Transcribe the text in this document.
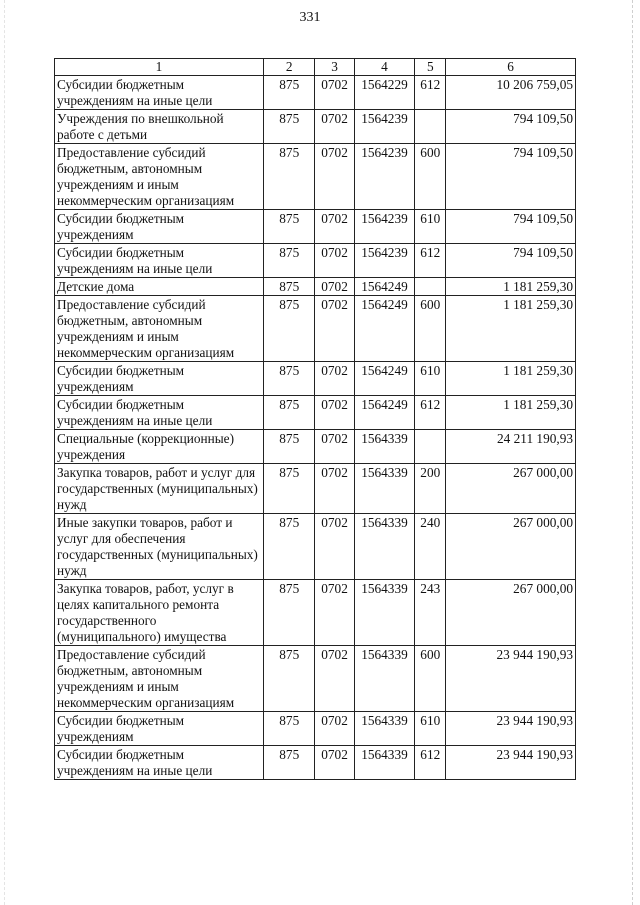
331
1	2	3	4	5	6
Субсидии бюджетным учреждениям на иные цели	875	0702	1564229	612	10 206 759,05
Учреждения по внешкольной работе с детьми	875	0702	1564239		794 109,50
Предоставление субсидий бюджетным, автономным учреждениям и иным некоммерческим организациям	875	0702	1564239	600	794 109,50
Субсидии бюджетным учреждениям	875	0702	1564239	610	794 109,50
Субсидии бюджетным учреждениям на иные цели	875	0702	1564239	612	794 109,50
Детские дома	875	0702	1564249		1 181 259,30
Предоставление субсидий бюджетным, автономным учреждениям и иным некоммерческим организациям	875	0702	1564249	600	1 181 259,30
Субсидии бюджетным учреждениям	875	0702	1564249	610	1 181 259,30
Субсидии бюджетным учреждениям на иные цели	875	0702	1564249	612	1 181 259,30
Специальные (коррекционные) учреждения	875	0702	1564339		24 211 190,93
Закупка товаров, работ и услуг для государственных (муниципальных) нужд	875	0702	1564339	200	267 000,00
Иные закупки товаров, работ и услуг для обеспечения государственных (муниципальных) нужд	875	0702	1564339	240	267 000,00
Закупка товаров, работ, услуг в целях капитального ремонта государственного (муниципального) имущества	875	0702	1564339	243	267 000,00
Предоставление субсидий бюджетным, автономным учреждениям и иным некоммерческим организациям	875	0702	1564339	600	23 944 190,93
Субсидии бюджетным учреждениям	875	0702	1564339	610	23 944 190,93
Субсидии бюджетным учреждениям на иные цели	875	0702	1564339	612	23 944 190,93
